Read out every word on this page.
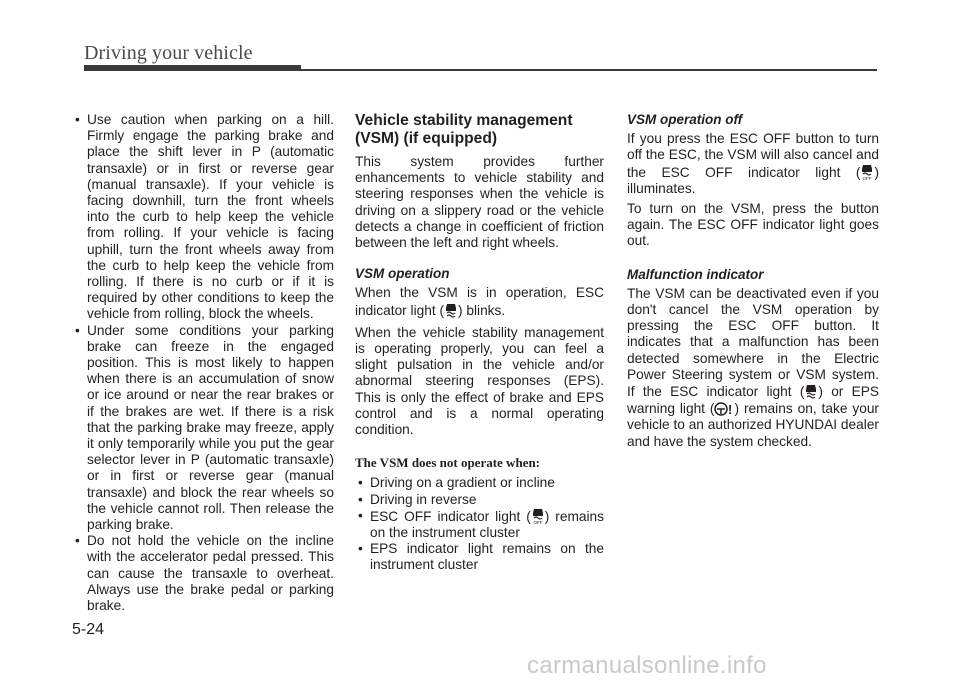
Driving your vehicle
• Use caution when parking on a hill. Firmly engage the parking brake and place the shift lever in P (automatic transaxle) or in first or reverse gear (manual transaxle). If your vehicle is facing downhill, turn the front wheels into the curb to help keep the vehicle from rolling. If your vehicle is facing uphill, turn the front wheels away from the curb to help keep the vehicle from rolling. If there is no curb or if it is required by other conditions to keep the vehicle from rolling, block the wheels.
• Under some conditions your parking brake can freeze in the engaged position. This is most likely to happen when there is an accumulation of snow or ice around or near the rear brakes or if the brakes are wet. If there is a risk that the parking brake may freeze, apply it only temporarily while you put the gear selector lever in P (automatic transaxle) or in first or reverse gear (manual transaxle) and block the rear wheels so the vehicle cannot roll. Then release the parking brake.
• Do not hold the vehicle on the incline with the accelerator pedal pressed. This can cause the transaxle to overheat. Always use the brake pedal or parking brake.
Vehicle stability management (VSM) (if equipped)

This system provides further enhancements to vehicle stability and steering responses when the vehicle is driving on a slippery road or the vehicle detects a change in coefficient of friction between the left and right wheels.

VSM operation

When the VSM is in operation, ESC indicator light ( ) blinks.

When the vehicle stability management is operating properly, you can feel a slight pulsation in the vehicle and/or abnormal steering responses (EPS). This is only the effect of brake and EPS control and is a normal operating condition.

The VSM does not operate when:
• Driving on a gradient or incline
• Driving in reverse
• ESC OFF indicator light ( OFF ) remains on the instrument cluster
• EPS indicator light remains on the instrument cluster
VSM operation off

If you press the ESC OFF button to turn off the ESC, the VSM will also cancel and the ESC OFF indicator light ( OFF ) illuminates.

To turn on the VSM, press the button again. The ESC OFF indicator light goes out.

Malfunction indicator

The VSM can be deactivated even if you don't cancel the VSM operation by pressing the ESC OFF button. It indicates that a malfunction has been detected somewhere in the Electric Power Steering system or VSM system. If the ESC indicator light ( ) or EPS warning light ( ! ) remains on, take your vehicle to an authorized HYUNDAI dealer and have the system checked.

5-24
carmanualsonline.info
